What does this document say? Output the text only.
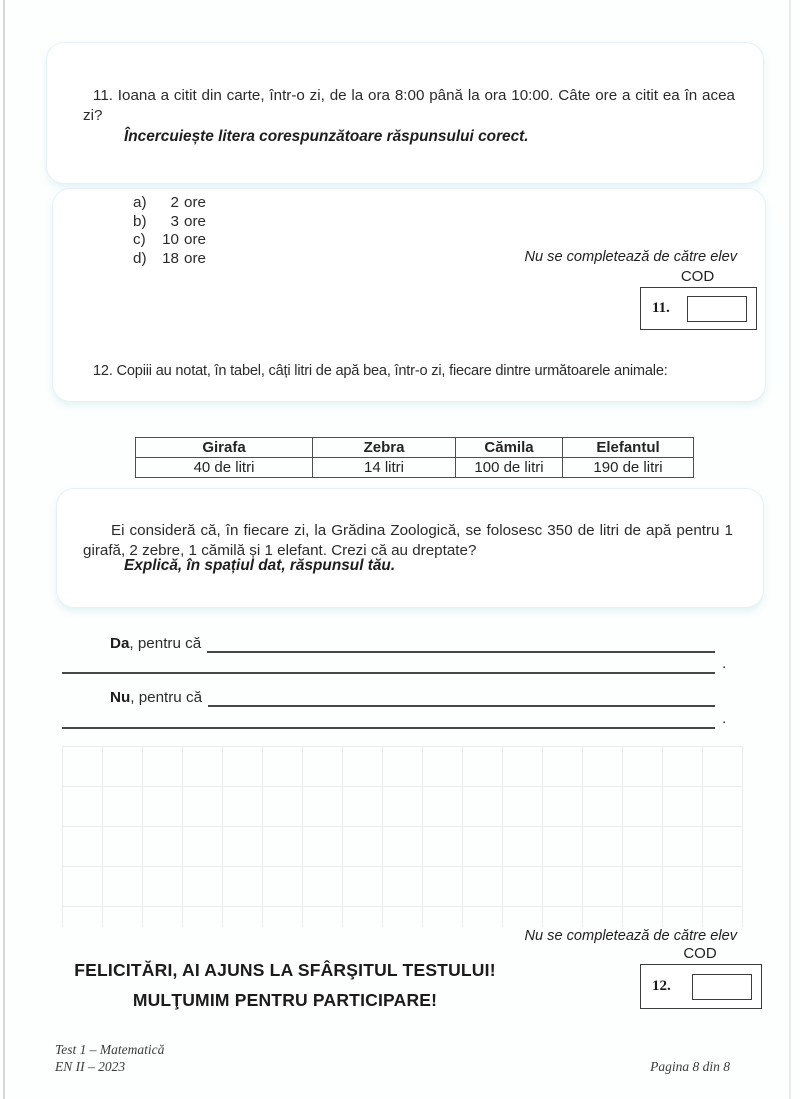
11. Ioana a citit din carte, într-o zi, de la ora 8:00 până la ora 10:00. Câte ore a citit ea în acea zi?
Încercuiește litera corespunzătoare răspunsului corect.
a)	2 ore
b)	3 ore
c)	10 ore
d)	18 ore	Nu se completează de către elev
COD
11.
12. Copiii au notat, în tabel, câți litri de apă bea, într-o zi, fiecare dintre următoarele animale:
Girafa	Zebra	Cămila	Elefantul
40 de litri	14 litri	100 de litri	190 de litri
Ei consideră că, în fiecare zi, la Grădina Zoologică, se folosesc 350 de litri de apă pentru 1 girafă, 2 zebre, 1 cămilă și 1 elefant. Crezi că au dreptate?
Explică, în spațiul dat, răspunsul tău.
Da , pentru că
.
Nu , pentru că
.
Nu se completează de către elev
COD
12.
FELICITĂRI, AI AJUNS LA SFÂRŞITUL TESTULUI!
MULŢUMIM PENTRU PARTICIPARE!
Test 1 – Matematică
EN II – 2023	Pagina 8 din 8
